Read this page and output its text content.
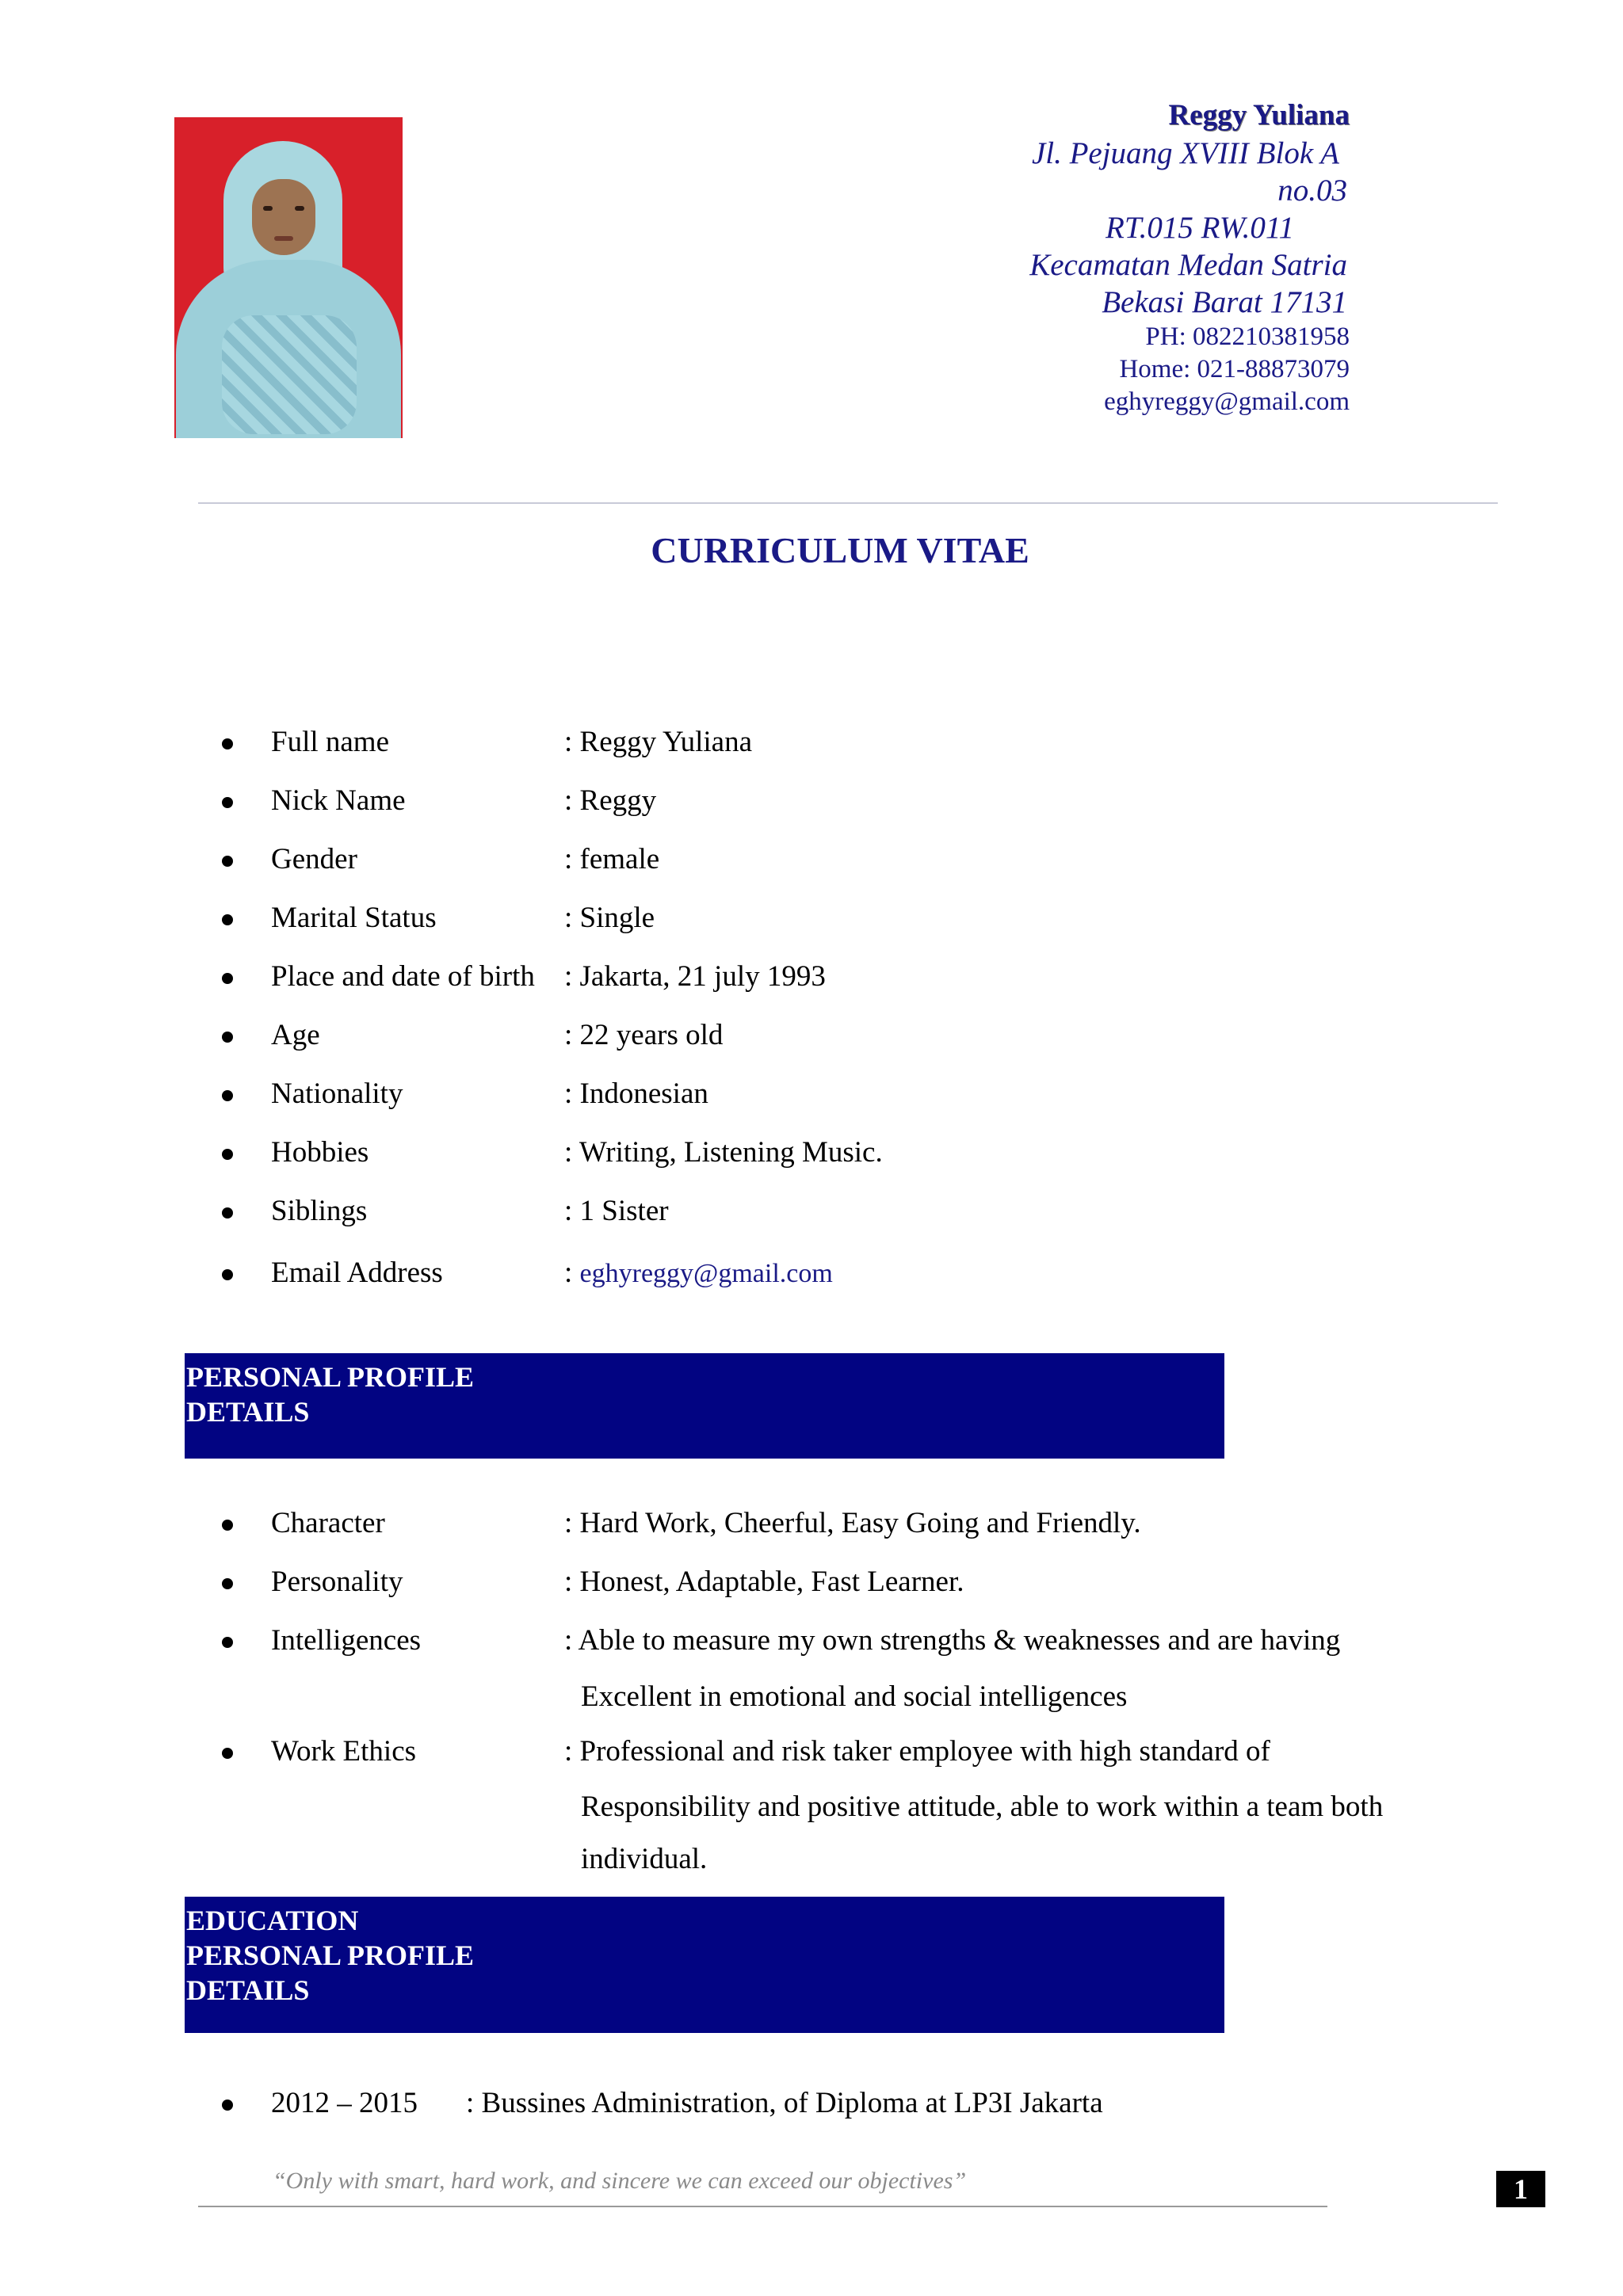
Reggy Yuliana
Jl. Pejuang XVIII Blok A
no.03
RT.015 RW.011
Kecamatan Medan Satria
Bekasi Barat 17131
PH: 082210381958
Home: 021-88873079
eghyreggy@gmail.com
CURRICULUM VITAE
Full name	: Reggy Yuliana
Nick Name	: Reggy
Gender	: female
Marital Status	: Single
Place and date of birth : Jakarta, 21 july 1993
Age	: 22 years old
Nationality	: Indonesian
Hobbies	: Writing, Listening Music.
Siblings	: 1 Sister
Email Address	: eghyreggy@gmail.com
PERSONAL PROFILE
DETAILS
Character	: Hard Work, Cheerful, Easy Going and Friendly.
Personality	: Honest, Adaptable, Fast Learner.
Intelligences	: Able to measure my own strengths & weaknesses and are having
Excellent in emotional and social intelligences
Work Ethics	: Professional and risk taker employee with high standard of
Responsibility and positive attitude, able to work within a team both
individual.
EDUCATION
PERSONAL PROFILE
DETAILS
2012 – 2015 : Bussines Administration, of Diploma at LP3I Jakarta
“Only with smart, hard work, and sincere we can exceed our objectives”	1
